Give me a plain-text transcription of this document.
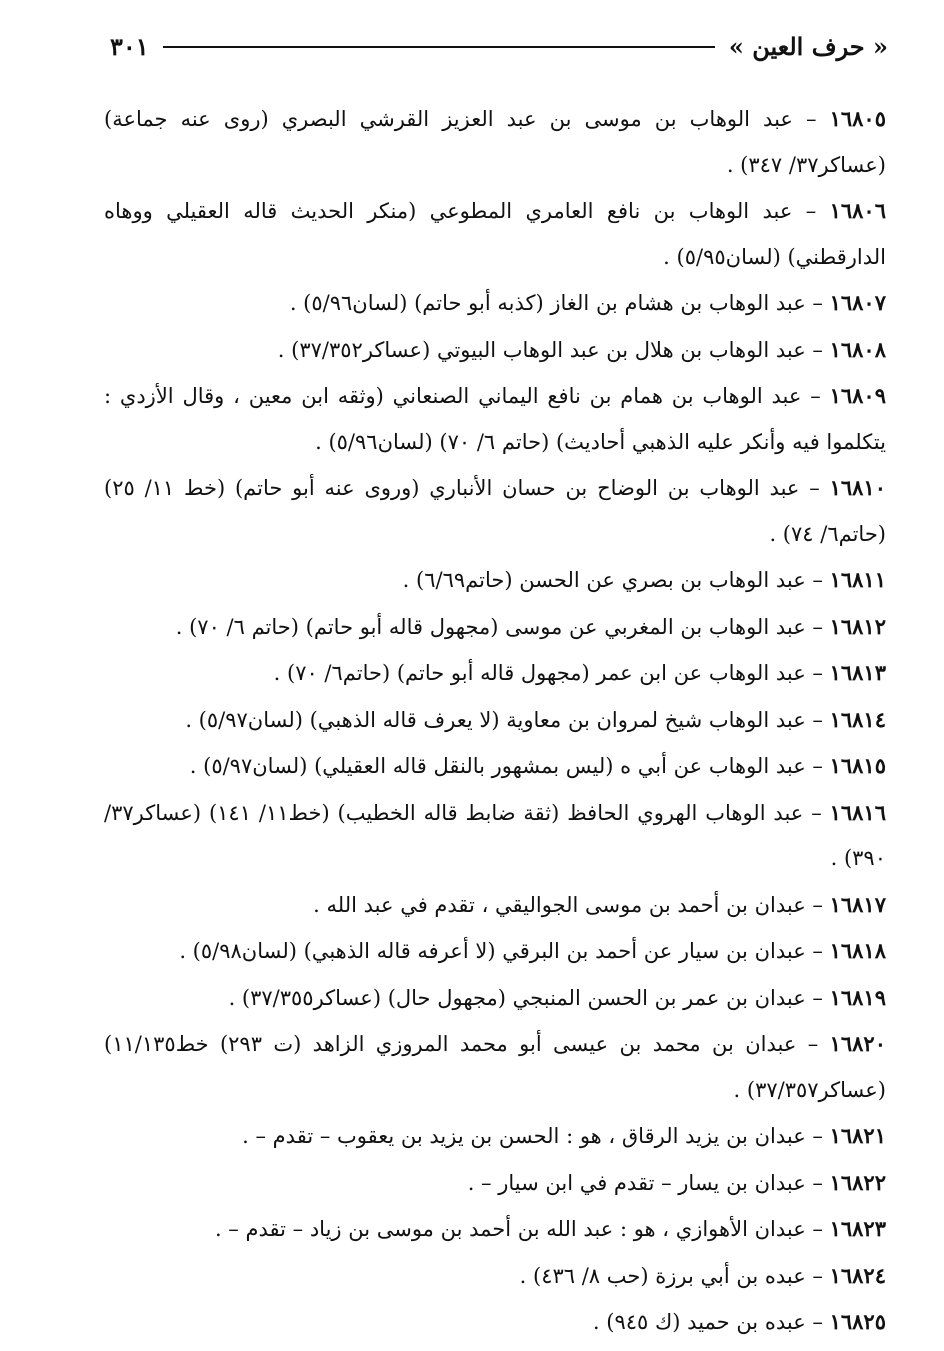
« حرف العين »
٣٠١
١٦٨٠٥ – عبد الوهاب بن موسى بن عبد العزيز القرشي البصري (روى عنه جماعة) (عساكر٣٧/ ٣٤٧) .
١٦٨٠٦ – عبد الوهاب بن نافع العامري المطوعي (منكر الحديث قاله العقيلي ووهاه الدارقطني) (لسان٥/٩٥) .
١٦٨٠٧ – عبد الوهاب بن هشام بن الغاز (كذبه أبو حاتم) (لسان٥/٩٦) .
١٦٨٠٨ – عبد الوهاب بن هلال بن عبد الوهاب البيوتي (عساكر٣٧/٣٥٢) .
١٦٨٠٩ – عبد الوهاب بن همام بن نافع اليماني الصنعاني (وثقه ابن معين ، وقال الأزدي : يتكلموا فيه وأنكر عليه الذهبي أحاديث) (حاتم ٦/ ٧٠) (لسان٥/٩٦) .
١٦٨١٠ – عبد الوهاب بن الوضاح بن حسان الأنباري (وروى عنه أبو حاتم) (خط ١١/ ٢٥) (حاتم٦/ ٧٤) .
١٦٨١١ – عبد الوهاب بن بصري عن الحسن (حاتم٦/٦٩) .
١٦٨١٢ – عبد الوهاب بن المغربي عن موسى (مجهول قاله أبو حاتم) (حاتم ٦/ ٧٠) .
١٦٨١٣ – عبد الوهاب عن ابن عمر (مجهول قاله أبو حاتم) (حاتم٦/ ٧٠) .
١٦٨١٤ – عبد الوهاب شيخ لمروان بن معاوية (لا يعرف قاله الذهبي) (لسان٥/٩٧) .
١٦٨١٥ – عبد الوهاب عن أبي ه (ليس بمشهور بالنقل قاله العقيلي) (لسان٥/٩٧) .
١٦٨١٦ – عبد الوهاب الهروي الحافظ (ثقة ضابط قاله الخطيب) (خط١١/ ١٤١) (عساكر٣٧/ ٣٩٠) .
١٦٨١٧ – عبدان بن أحمد بن موسى الجواليقي ، تقدم في عبد الله .
١٦٨١٨ – عبدان بن سيار عن أحمد بن البرقي (لا أعرفه قاله الذهبي) (لسان٥/٩٨) .
١٦٨١٩ – عبدان بن عمر بن الحسن المنبجي (مجهول حال) (عساكر٣٧/٣٥٥) .
١٦٨٢٠ – عبدان بن محمد بن عيسى أبو محمد المروزي الزاهد (ت ٢٩٣) خط١١/١٣٥) (عساكر٣٧/٣٥٧) .
١٦٨٢١ – عبدان بن يزيد الرقاق ، هو : الحسن بن يزيد بن يعقوب – تقدم – .
١٦٨٢٢ – عبدان بن يسار – تقدم في ابن سيار – .
١٦٨٢٣ – عبدان الأهوازي ، هو : عبد الله بن أحمد بن موسى بن زياد – تقدم – .
١٦٨٢٤ – عبده بن أبي برزة (حب ٨/ ٤٣٦) .
١٦٨٢٥ – عبده بن حميد (ك ٩٤٥) .
